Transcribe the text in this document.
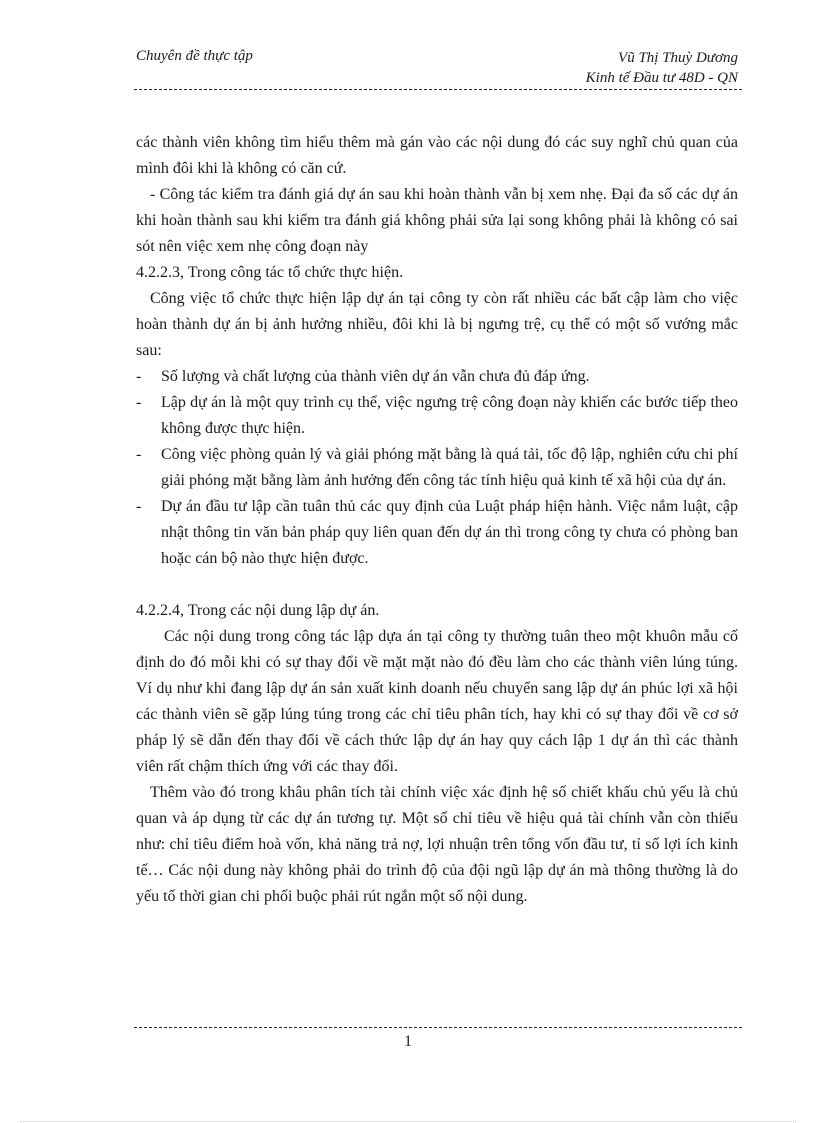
Chuyên đề thực tập	Vũ Thị Thuỳ Dương
Kinh tế Đầu tư 48D - QN

các thành viên không tìm hiểu thêm mà gán vào các nội dung đó các suy nghĩ chủ quan của mình đôi khi là không có căn cứ.

- Công tác kiểm tra đánh giá dự án sau khi hoàn thành vẫn bị xem nhẹ. Đại đa số các dự án khi hoàn thành sau khi kiểm tra đánh giá không phải sửa lại song không phải là không có sai sót nên việc xem nhẹ công đoạn này

4.2.2.3, Trong công tác tổ chức thực hiện.

Công việc tổ chức thực hiện lập dự án tại công ty còn rất nhiều các bất cập làm cho việc hoàn thành dự án bị ảnh hưởng nhiều, đôi khi là bị ngưng trệ, cụ thể có một số vướng mắc sau:

- Số lượng và chất lượng của thành viên dự án vẫn chưa đủ đáp ứng.
- Lập dự án là một quy trình cụ thể, việc ngưng trệ công đoạn này khiến các bước tiếp theo không được thực hiện.
- Công việc phòng quản lý và giải phóng mặt bằng là quá tải, tốc độ lập, nghiên cứu chi phí giải phóng mặt bằng làm ảnh hưởng đến công tác tính hiệu quả kinh tế xã hội của dự án.
- Dự án đầu tư lập cần tuân thủ các quy định của Luật pháp hiện hành. Việc nắm luật, cập nhật thông tin văn bản pháp quy liên quan đến dự án thì trong công ty chưa có phòng ban hoặc cán bộ nào thực hiện được.

4.2.2.4, Trong các nội dung lập dự án.

Các nội dung trong công tác lập dựa án tại công ty thường tuân theo một khuôn mẫu cố định do đó mỗi khi có sự thay đổi về mặt mặt nào đó đều làm cho các thành viên lúng túng. Ví dụ như khi đang lập dự án sản xuất kinh doanh nếu chuyển sang lập dự án phúc lợi xã hội các thành viên sẽ gặp lúng túng trong các chỉ tiêu phân tích, hay khi có sự thay đổi về cơ sở pháp lý sẽ dẫn đến thay đổi về cách thức lập dự án hay quy cách lập 1 dự án thì các thành viên rất chậm thích ứng với các thay đổi.

Thêm vào đó trong khâu phân tích tài chính việc xác định hệ số chiết khấu chủ yếu là chủ quan và áp dụng từ các dự án tương tự. Một số chỉ tiêu về hiệu quả tài chính vẫn còn thiếu như: chỉ tiêu điểm hoà vốn, khả năng trả nợ, lợi nhuận trên tổng vốn đầu tư, tỉ số lợi ích kinh tế… Các nội dung này không phải do trình độ của đội ngũ lập dự án mà thông thường là do yếu tố thời gian chi phối buộc phải rút ngắn một số nội dung.

1
